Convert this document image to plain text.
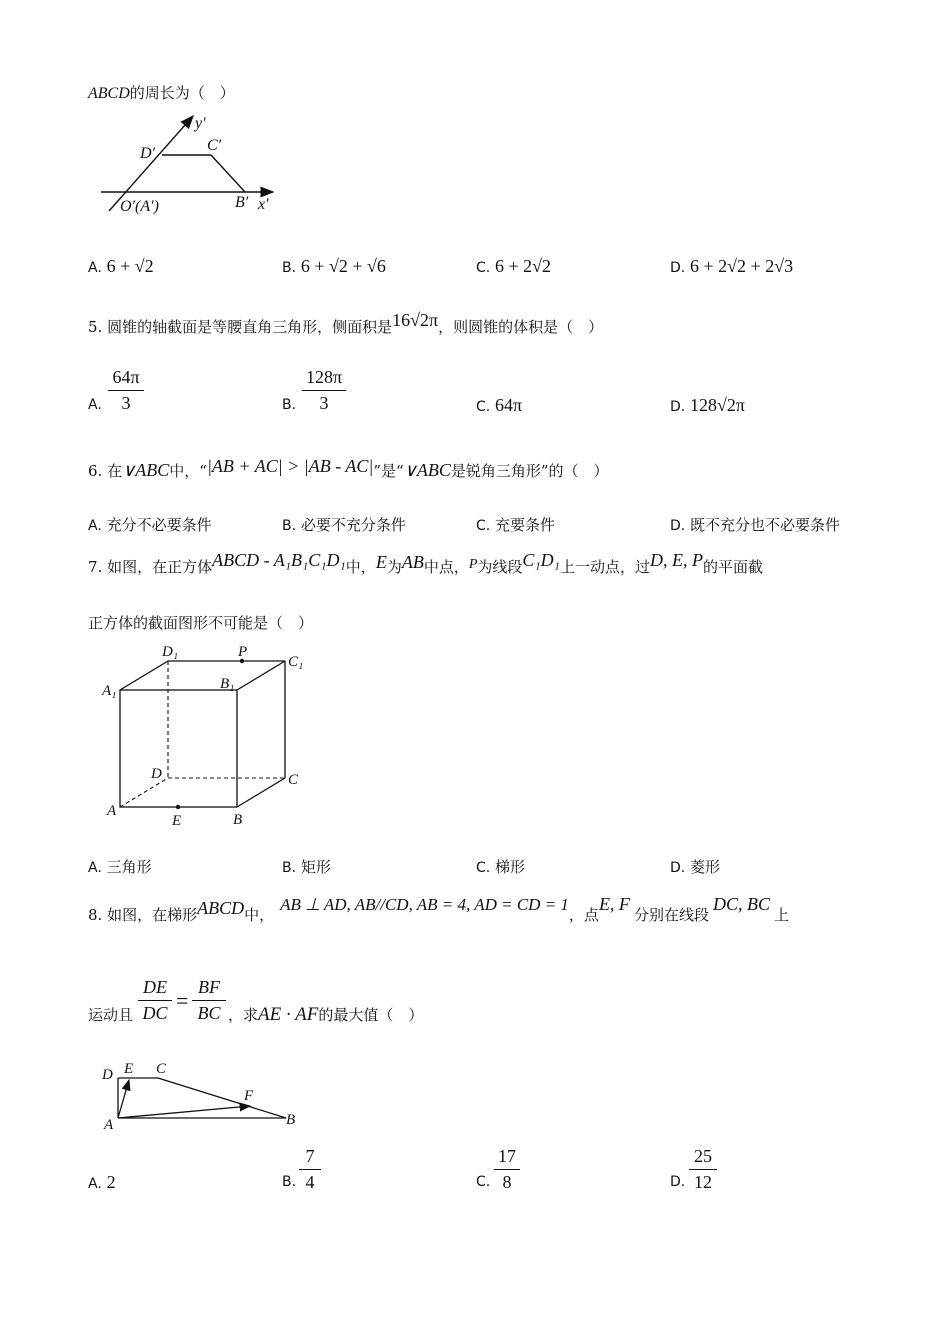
ABCD的周长为（　）
y′
D′	C′
O′(A′)	B′ x′
A. 6 + √2	B. 6 + √2 + √6	C. 6 + 2√2	D. 6 + 2√2 + 2√3
5. 圆锥的轴截面是等腰直角三角形，侧面积是16√2π，则圆锥的体积是（　）
A.
64π
3	B.
128π
3	C. 64π	D. 128√2π
6. 在∨ABC中，“|AB + AC| > |AB - AC|”是“∨ABC是锐角三角形”的（　）
A. 充分不必要条件	B. 必要不充分条件	C. 充要条件	D. 既不充分也不必要条件
7. 如图，在正方体ABCD - A₁B₁C₁D₁中，E为AB中点，P为线段C₁D₁上一动点，过D, E, P的平面截
正方体的截面图形不可能是（　）
D₁	P
C₁
A₁	B₁
D	C
A
E	B
A. 三角形	B. 矩形	C. 梯形	D. 菱形
8. 如图，在梯形ABCD中，AB ⊥ AD, AB//CD, AB = 4, AD = CD = 1，点E, F分别在线段DC, BC上
运动且
DE
DC =
BF
BC ，求AE · AF的最大值（　）
D E C
F
A	B
A. 2	B.
7
4	C.
17
8	D.
25
12
